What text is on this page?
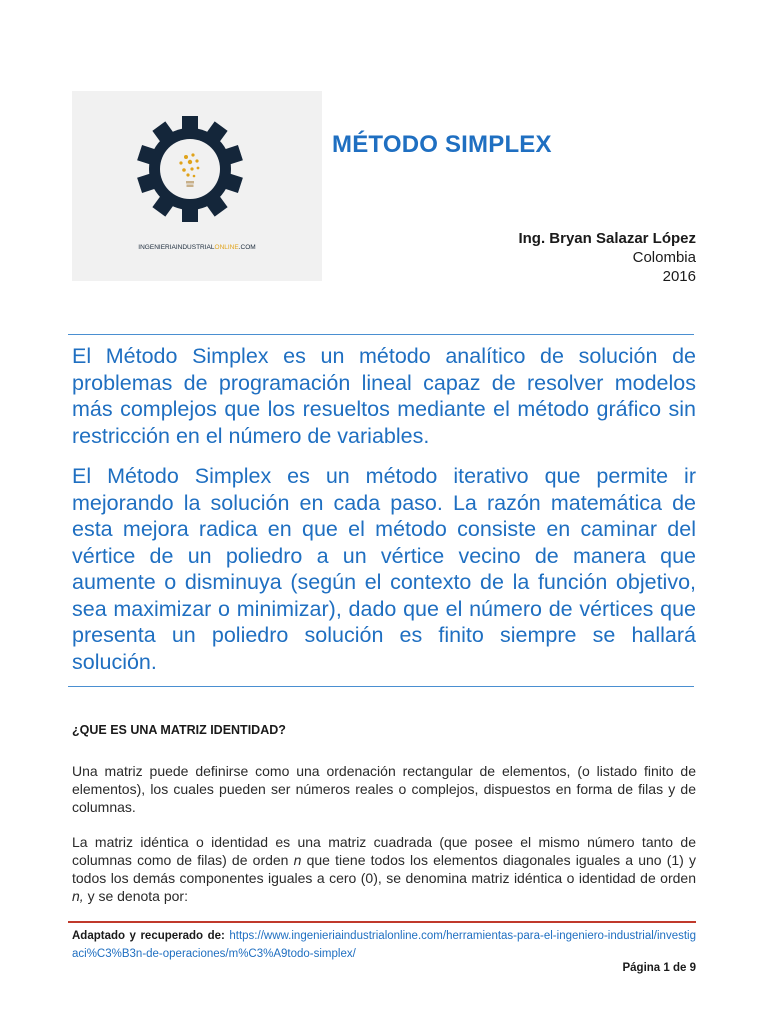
INGENIERIAINDUSTRIALONLINE.COM
MÉTODO SIMPLEX
Ing. Bryan Salazar López
Colombia
2016

El Método Simplex es un método analítico de solución de problemas de programación lineal capaz de resolver modelos más complejos que los resueltos mediante el método gráfico sin restricción en el número de variables.

El Método Simplex es un método iterativo que permite ir mejorando la solución en cada paso. La razón matemática de esta mejora radica en que el método consiste en caminar del vértice de un poliedro a un vértice vecino de manera que aumente o disminuya (según el contexto de la función objetivo, sea maximizar o minimizar), dado que el número de vértices que presenta un poliedro solución es finito siempre se hallará solución.

¿QUE ES UNA MATRIZ IDENTIDAD?

Una matriz puede definirse como una ordenación rectangular de elementos, (o listado finito de elementos), los cuales pueden ser números reales o complejos, dispuestos en forma de filas y de columnas.

La matriz idéntica o identidad es una matriz cuadrada (que posee el mismo número tanto de columnas como de filas) de orden n que tiene todos los elementos diagonales iguales a uno (1) y todos los demás componentes iguales a cero (0), se denomina matriz idéntica o identidad de orden n, y se denota por:

Adaptado y recuperado de: https://www.ingenieriaindustrialonline.com/herramientas-para-el-ingeniero-industrial/investigaci%C3%B3n-de-operaciones/m%C3%A9todo-simplex/
Página 1 de 9
